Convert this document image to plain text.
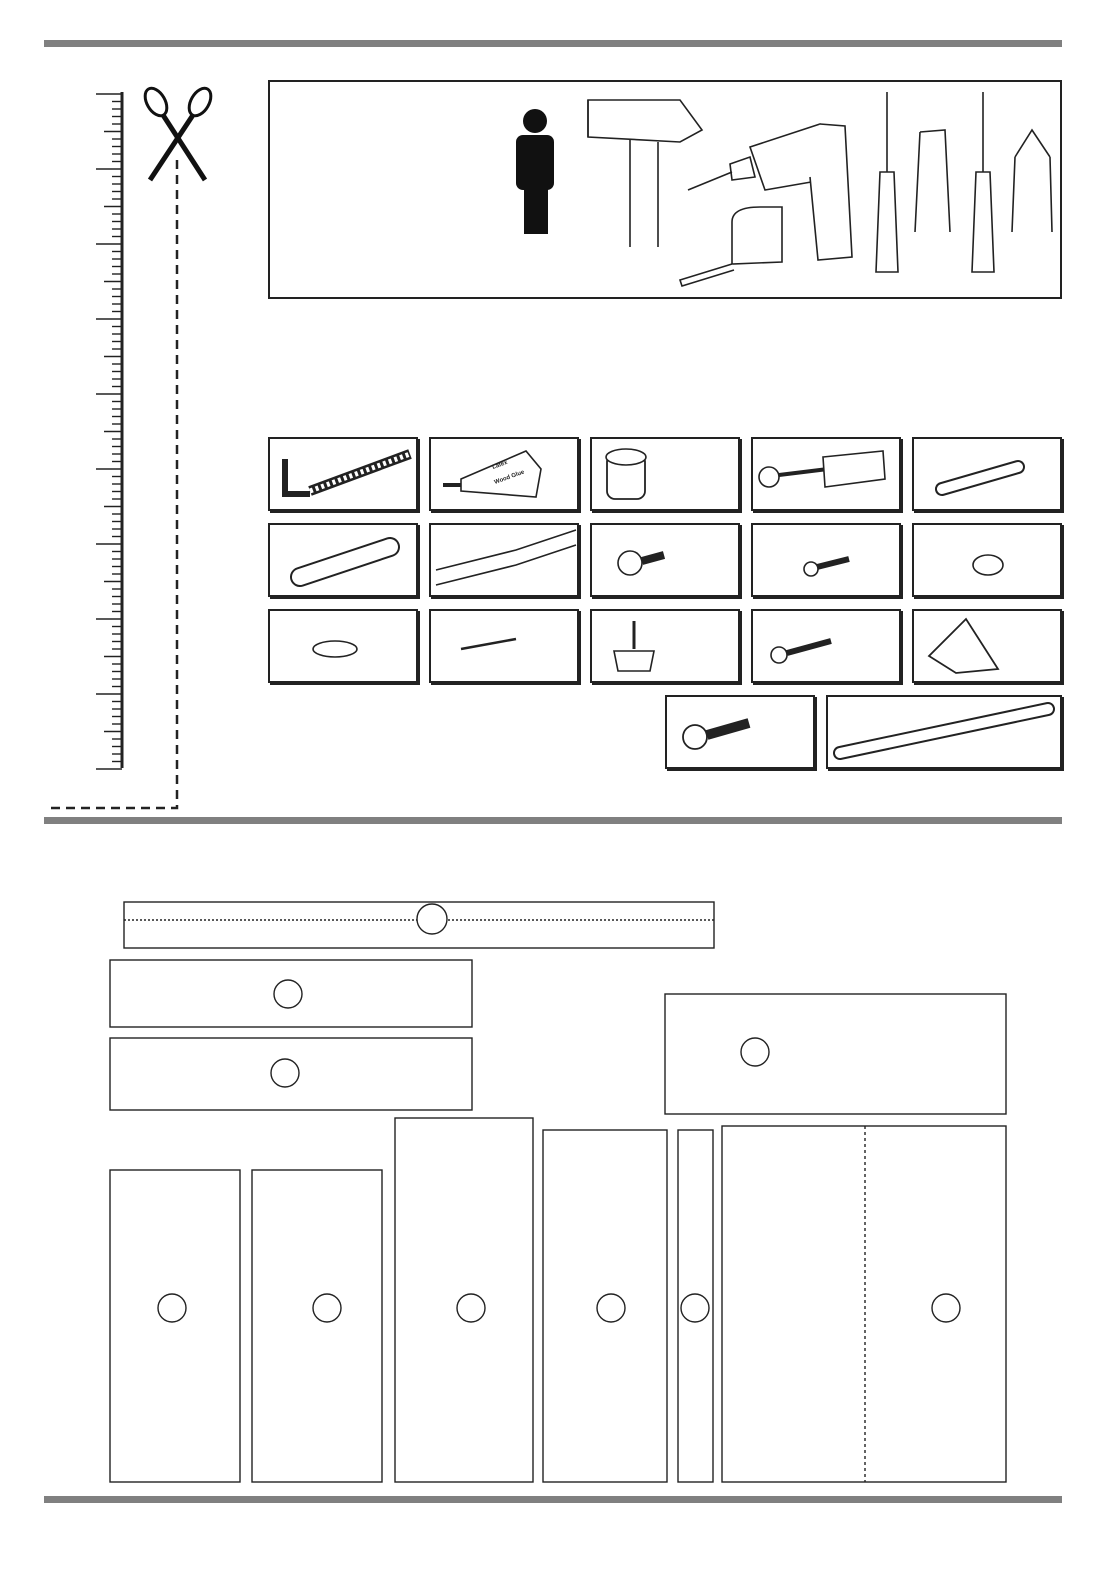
Latex
Wood Glue
